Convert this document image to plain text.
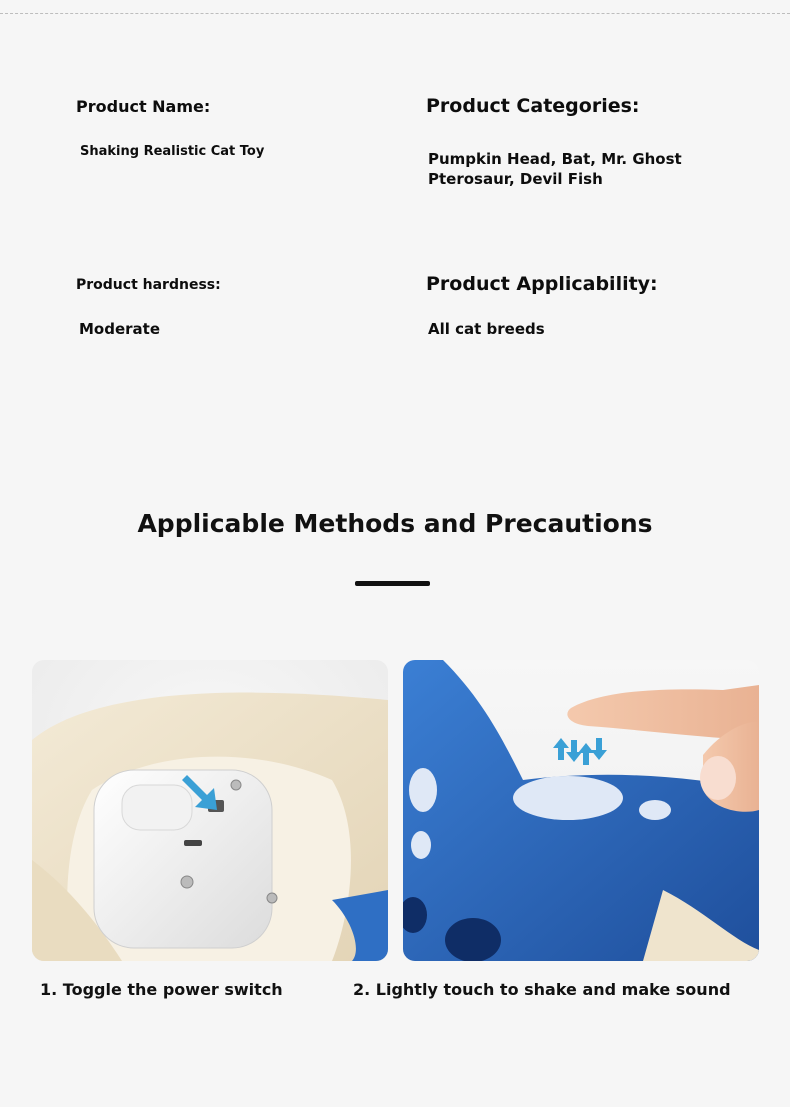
Product Name:
Shaking Realistic Cat Toy
Product Categories:
Pumpkin Head, Bat, Mr. Ghost
Pterosaur, Devil Fish
Product hardness:
Moderate
Product Applicability:
All cat breeds
Applicable Methods and Precautions
1. Toggle the power switch	2. Lightly touch to shake and make sound
